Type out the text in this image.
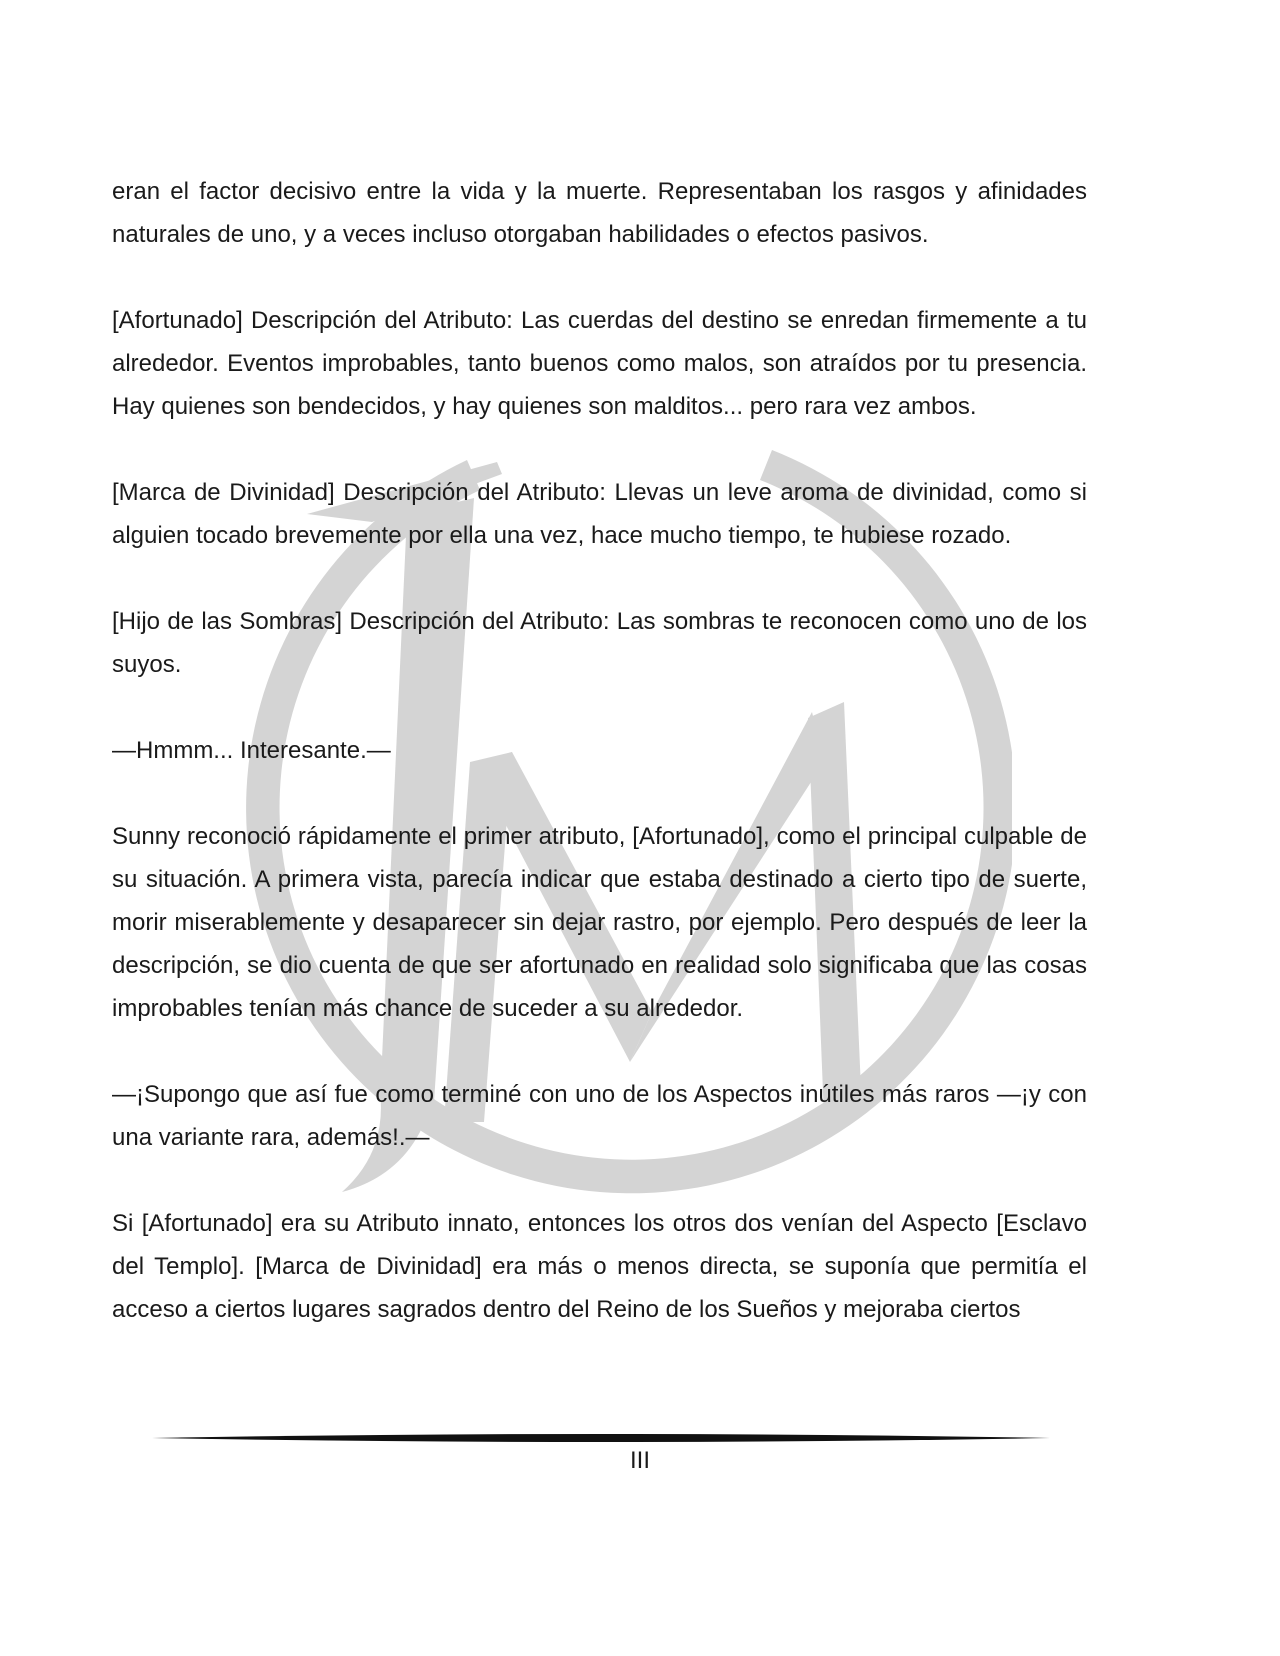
eran el factor decisivo entre la vida y la muerte. Representaban los rasgos y afinidades naturales de uno, y a veces incluso otorgaban habilidades o efectos pasivos.

[Afortunado] Descripción del Atributo: Las cuerdas del destino se enredan firmemente a tu alrededor. Eventos improbables, tanto buenos como malos, son atraídos por tu presencia. Hay quienes son bendecidos, y hay quienes son malditos... pero rara vez ambos.

[Marca de Divinidad] Descripción del Atributo: Llevas un leve aroma de divinidad, como si alguien tocado brevemente por ella una vez, hace mucho tiempo, te hubiese rozado.

[Hijo de las Sombras] Descripción del Atributo: Las sombras te reconocen como uno de los suyos.

—Hmmm... Interesante.—

Sunny reconoció rápidamente el primer atributo, [Afortunado], como el principal culpable de su situación. A primera vista, parecía indicar que estaba destinado a cierto tipo de suerte, morir miserablemente y desaparecer sin dejar rastro, por ejemplo. Pero después de leer la descripción, se dio cuenta de que ser afortunado en realidad solo significaba que las cosas improbables tenían más chance de suceder a su alrededor.

—¡Supongo que así fue como terminé con uno de los Aspectos inútiles más raros —¡y con una variante rara, además!.—

Si [Afortunado] era su Atributo innato, entonces los otros dos venían del Aspecto [Esclavo del Templo]. [Marca de Divinidad] era más o menos directa, se suponía que permitía el acceso a ciertos lugares sagrados dentro del Reino de los Sueños y mejoraba ciertos

III
